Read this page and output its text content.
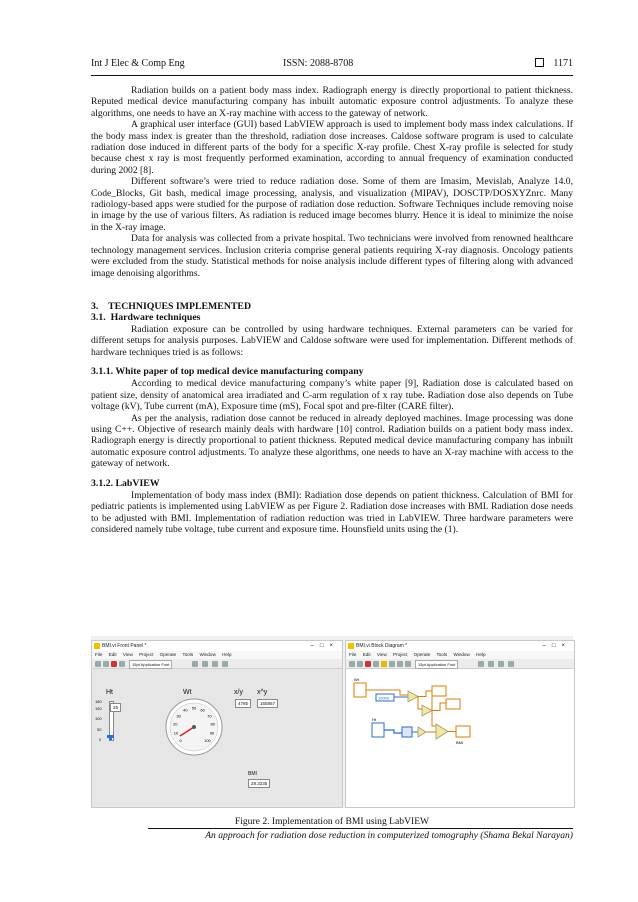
Int J Elec & Comp Eng	ISSN: 2088-8708	1171

Radiation builds on a patient body mass index. Radiograph energy is directly proportional to patient thickness. Reputed medical device manufacturing company has inbuilt automatic exposure control adjustments. To analyze these algorithms, one needs to have an X-ray machine with access to the gateway of network.

A graphical user interface (GUI) based LabVIEW approach is used to implement body mass index calculations. If the body mass index is greater than the threshold, radiation dose increases. Caldose software program is used to calculate radiation dose induced in different parts of the body for a specific X-ray profile. Chest X-ray profile is selected for study because chest x ray is most frequently performed examination, according to annual frequency of examination conducted during 2002 [8].

Different software’s were tried to reduce radiation dose. Some of them are Imasim, Mevislab, Analyze 14.0, Code_Blocks, Git bash, medical image processing, analysis, and visualization (MIPAV), DOSCTP/DOSXYZnrc. Many radiology-based apps were studied for the purpose of radiation dose reduction. Software Techniques include removing noise in image by the use of various filters. As radiation is reduced image becomes blurry. Hence it is ideal to minimize the noise in the X-ray image.

Data for analysis was collected from a private hospital. Two technicians were involved from renowned healthcare technology management services. Inclusion criteria comprise general patients requiring X-ray diagnosis. Oncology patients were excluded from the study. Statistical methods for noise analysis include different types of filtering along with advanced image denoising algorithms.

3.    TECHNIQUES IMPLEMENTED
3.1.  Hardware techniques

Radiation exposure can be controlled by using hardware techniques. External parameters can be varied for different setups for analysis purposes. LabVIEW and Caldose software were used for implementation. Different methods of hardware techniques tried is as follows:

3.1.1. White paper of top medical device manufacturing company

According to medical device manufacturing company’s white paper [9], Radiation dose is calculated based on patient size, density of anatomical area irradiated and C-arm regulation of x ray tube. Radiation dose also depends on Tube voltage (kV), Tube current (mA), Exposure time (mS), Focal spot and pre-filter (CARE filter).

As per the analysis, radiation dose cannot be reduced in already deployed machines. Image processing was done using C++. Objective of research mainly deals with hardware [10] control. Radiation builds on a patient body mass index. Radiograph energy is directly proportional to patient thickness. Reputed medical device manufacturing company has inbuilt automatic exposure control adjustments. To analyze these algorithms, one needs to have an X-ray machine with access to the gateway of network.

3.1.2. LabVIEW

Implementation of body mass index (BMI): Radiation dose depends on patient thickness. Calculation of BMI for pediatric patients is implemented using LabVIEW as per Figure 2. Radiation dose increases with BMI. Radiation dose needs to be adjusted with BMI. Implementation of radiation reduction was tried in LabVIEW. Three hardware parameters were considered namely tube voltage, tube current and exposure time. Hounsfield units using the (1).

BMI.vi Front Panel *	–□×
File Edit View Project Operate Tools Window Help
15pt Application Font
Ht	Wt	x/y x^y
4785	165857
180
150
100
50
0
25
0
10
20
30
40 50 60
70
80
90
100
BMI
28.3235
BMI.vi Block Diagram *	–□×
File Edit View Project Operate Tools Window Help
15pt Application Font
Wt
10000
Ht
BMI
Figure 2. Implementation of BMI using LabVIEW
An approach for radiation dose reduction in computerized tomography (Shama Bekal Narayan)
